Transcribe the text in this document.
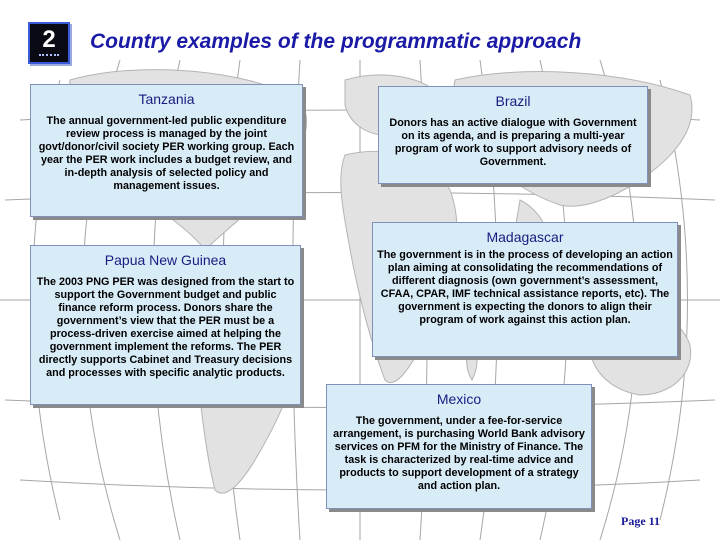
2	Country examples of the programmatic approach
Tanzania

The annual government-led public expenditure review process is managed by the joint govt/donor/civil society PER working group. Each year the PER work includes a budget review, and in-depth analysis of selected policy and management issues.

Brazil

Donors has an active dialogue with Government on its agenda, and is preparing a multi-year program of work to support advisory needs of Government.

Papua New Guinea

The 2003 PNG PER was designed from the start to support the Government budget and public finance reform process. Donors share the government’s view that the PER must be a process-driven exercise aimed at helping the government implement the reforms. The PER directly supports Cabinet and Treasury decisions and processes with specific analytic products.

Madagascar

The government is in the process of developing an action plan aiming at consolidating the recommendations of different diagnosis (own government’s assessment, CFAA, CPAR, IMF technical assistance reports, etc). The government is expecting the donors to align their program of work against this action plan.

Mexico

The government, under a fee-for-service arrangement, is purchasing World Bank advisory services on PFM for the Ministry of Finance. The task is characterized by real-time advice and products to support development of a strategy and action plan.

Page 11
